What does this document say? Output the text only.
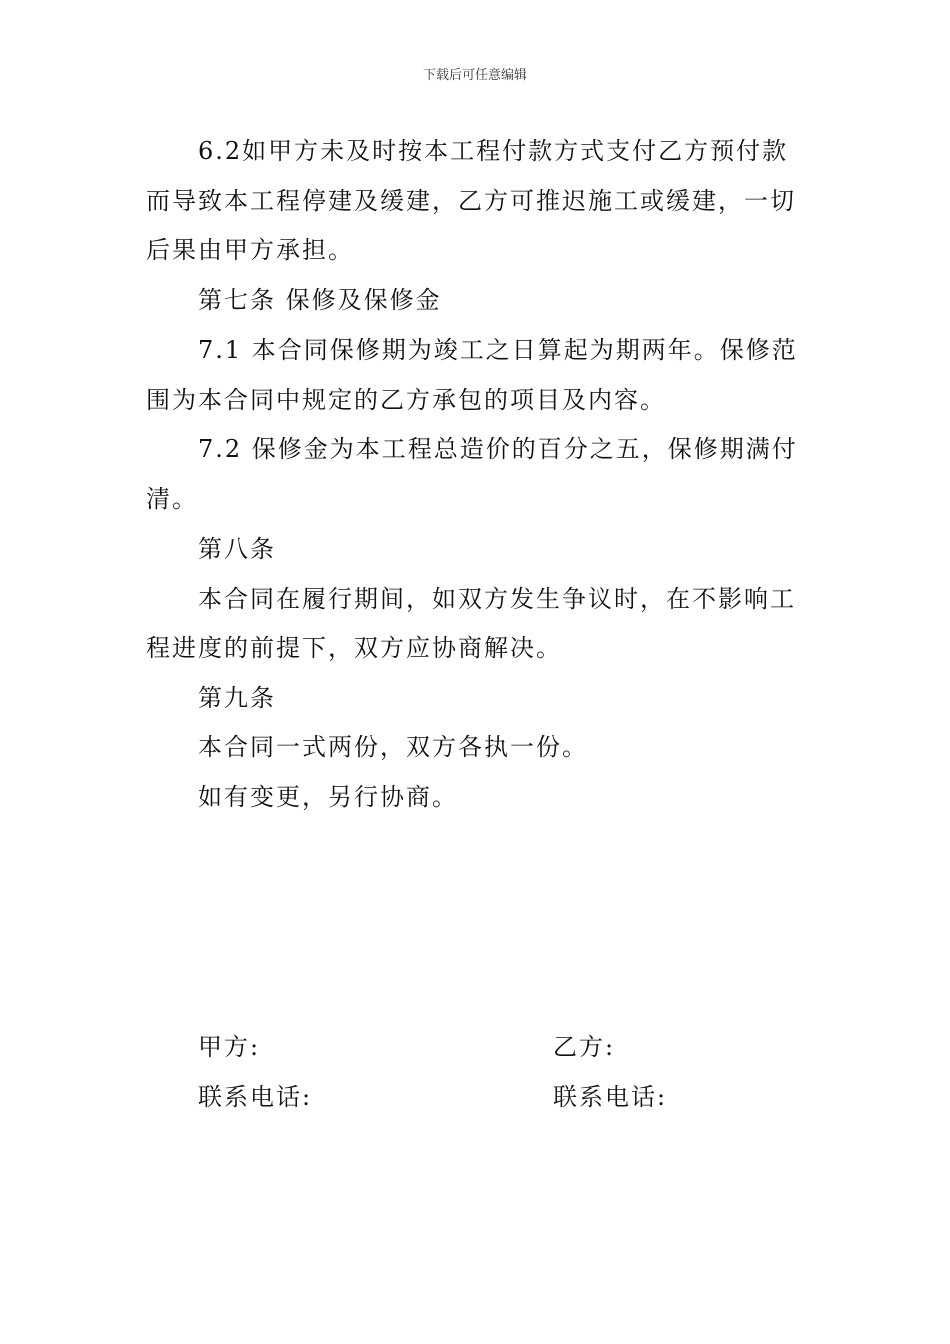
下载后可任意编辑
6.2如甲方未及时按本工程付款方式支付乙方预付款
而导致本工程停建及缓建，乙方可推迟施工或缓建，一切
后果由甲方承担。
第七条 保修及保修金
7.1 本合同保修期为竣工之日算起为期两年。保修范
围为本合同中规定的乙方承包的项目及内容。
7.2 保修金为本工程总造价的百分之五，保修期满付
清。
第八条
本合同在履行期间，如双方发生争议时，在不影响工
程进度的前提下，双方应协商解决。
第九条
本合同一式两份，双方各执一份。
如有变更，另行协商。
甲方:	乙方:
联系电话:	联系电话:
